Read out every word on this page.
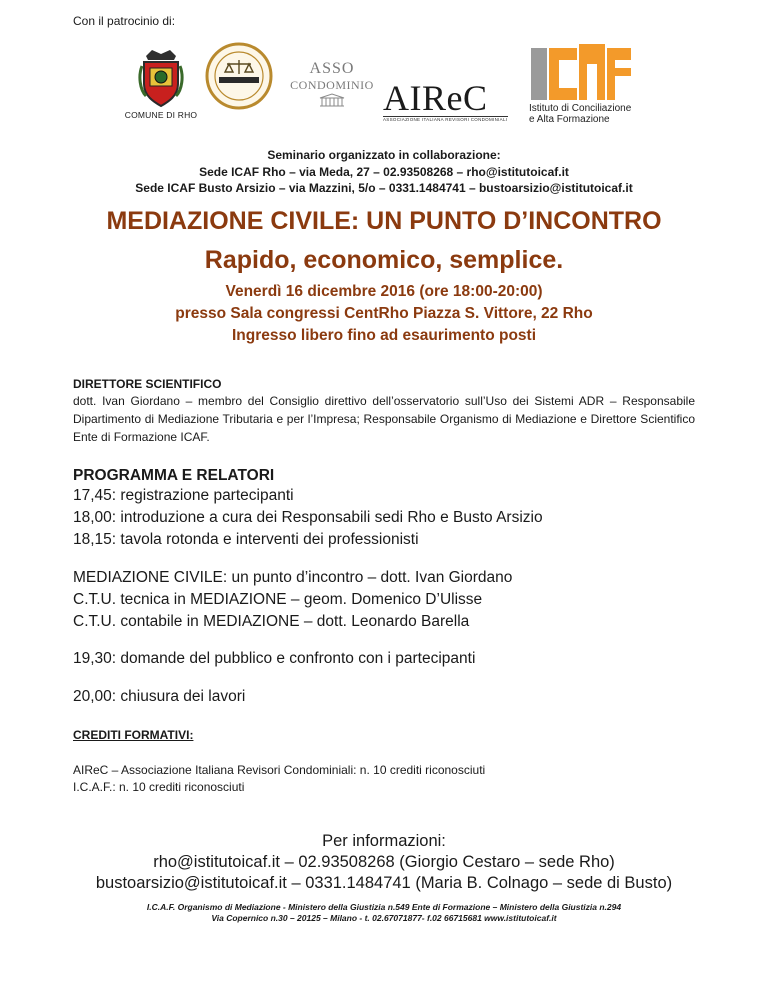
Con il patrocinio di:
COMUNE DI RHO
ASSO
CONDOMINIO AIReC
ASSOCIAZIONE ITALIANA REVISORI CONDOMINIALI
ICAF
Istituto di Conciliazione
e Alta Formazione
Seminario organizzato in collaborazione:
Sede ICAF Rho – via Meda, 27 – 02.93508268 – rho@istitutoicaf.it
Sede ICAF Busto Arsizio – via Mazzini, 5/o – 0331.1484741 – bustoarsizio@istitutoicaf.it
MEDIAZIONE CIVILE: UN PUNTO D’INCONTRO
Rapido, economico, semplice.
Venerdì 16 dicembre 2016 (ore 18:00-20:00)
presso Sala congressi CentRho Piazza S. Vittore, 22 Rho
Ingresso libero fino ad esaurimento posti
DIRETTORE SCIENTIFICO
dott. Ivan Giordano – membro del Consiglio direttivo dell’osservatorio sull’Uso dei Sistemi ADR – Responsabile Dipartimento di Mediazione Tributaria e per l’Impresa; Responsabile Organismo di Mediazione e Direttore Scientifico Ente di Formazione ICAF.
PROGRAMMA E RELATORI
17,45: registrazione partecipanti
18,00: introduzione a cura dei Responsabili sedi Rho e Busto Arsizio
18,15: tavola rotonda e interventi dei professionisti
MEDIAZIONE CIVILE: un punto d’incontro – dott. Ivan Giordano
C.T.U. tecnica in MEDIAZIONE – geom. Domenico D’Ulisse
C.T.U. contabile in MEDIAZIONE – dott. Leonardo Barella
19,30: domande del pubblico e confronto con i partecipanti
20,00: chiusura dei lavori
CREDITI FORMATIVI:
AIReC – Associazione Italiana Revisori Condominiali: n. 10 crediti riconosciuti
I.C.A.F.: n. 10 crediti riconosciuti
Per informazioni:
rho@istitutoicaf.it – 02.93508268 (Giorgio Cestaro – sede Rho)
bustoarsizio@istitutoicaf.it – 0331.1484741 (Maria B. Colnago – sede di Busto)
I.C.A.F. Organismo di Mediazione - Ministero della Giustizia n.549 Ente di Formazione – Ministero della Giustizia n.294
Via Copernico n.30 – 20125 – Milano - t. 02.67071877- f.02 66715681 www.istitutoicaf.it
